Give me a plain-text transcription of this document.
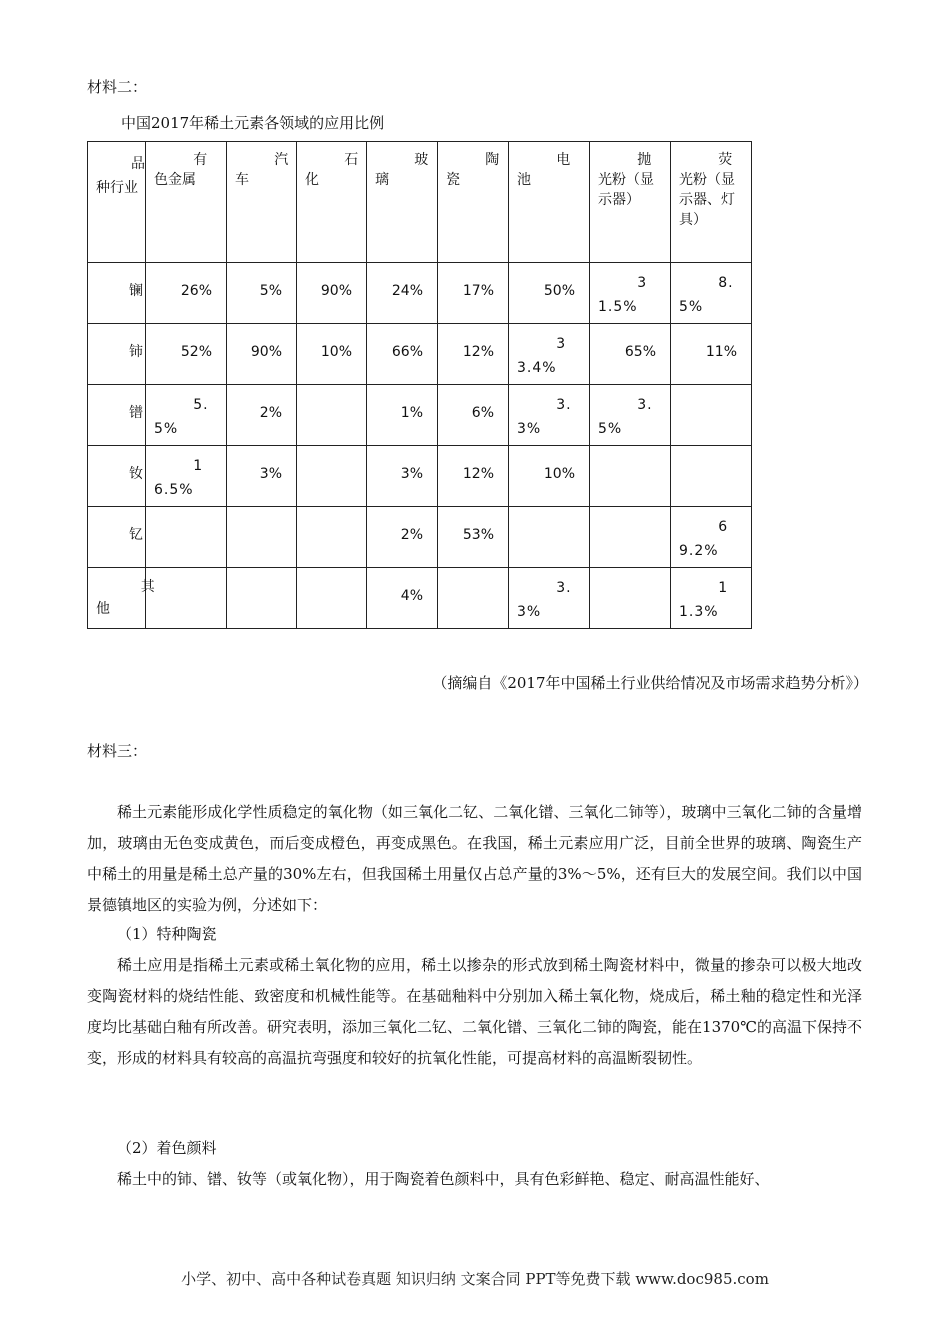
材料二：
中国2017年稀土元素各领域的应用比例
品种行业	有色金属	汽车	石化	玻璃	陶瓷	电池	抛光粉（显示器）	荧光粉（显示器、灯具）

镧	26%	5%	90%	24%	17%	50%	31.5%	8.5%

铈	52%	90%	10%	66%	12%	33.4%	65%	11%

镨	5.5%	2%		1%	6%	3.3%	3.5%	

钕	16.5%	3%		3%	12%	10%		

钇				2%	53%			69.2%

其他				4%		3.3%		11.3%
（摘编自《2017年中国稀土行业供给情况及市场需求趋势分析》）
材料三：
稀土元素能形成化学性质稳定的氧化物（如三氧化二钇、二氧化镨、三氧化二铈等），玻璃中三氧化二铈的含量增加，玻璃由无色变成黄色，而后变成橙色，再变成黑色。在我国，稀土元素应用广泛，目前全世界的玻璃、陶瓷生产中稀土的用量是稀土总产量的30%左右，但我国稀土用量仅占总产量的3%～5%，还有巨大的发展空间。我们以中国景德镇地区的实验为例，分述如下：
（1）特种陶瓷
稀土应用是指稀土元素或稀土氧化物的应用，稀土以掺杂的形式放到稀土陶瓷材料中，微量的掺杂可以极大地改变陶瓷材料的烧结性能、致密度和机械性能等。在基础釉料中分别加入稀土氧化物，烧成后，稀土釉的稳定性和光泽度均比基础白釉有所改善。研究表明，添加三氧化二钇、二氧化镨、三氧化二铈的陶瓷，能在1370℃的高温下保持不变，形成的材料具有较高的高温抗弯强度和较好的抗氧化性能，可提高材料的高温断裂韧性。
（2）着色颜料
稀土中的铈、镨、钕等（或氧化物），用于陶瓷着色颜料中，具有色彩鲜艳、稳定、耐高温性能好、
小学、初中、高中各种试卷真题 知识归纳 文案合同 PPT等免费下载 www.doc985.com
